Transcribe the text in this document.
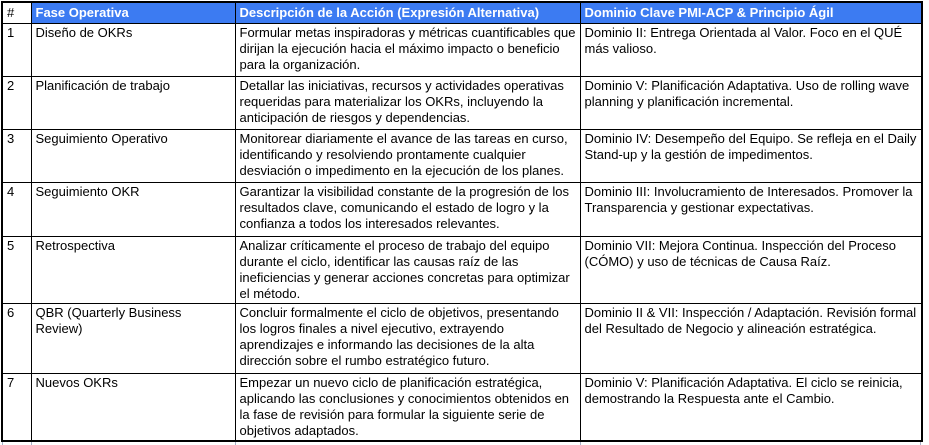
#	Fase Operativa	Descripción de la Acción (Expresión Alternativa)	Dominio Clave PMI-ACP & Principio Ágil
1	Diseño de OKRs	Formular metas inspiradoras y métricas cuantificables que dirijan la ejecución hacia el máximo impacto o beneficio para la organización.	Dominio II: Entrega Orientada al Valor. Foco en el QUÉ más valioso.
2	Planificación de trabajo	Detallar las iniciativas, recursos y actividades operativas requeridas para materializar los OKRs, incluyendo la anticipación de riesgos y dependencias.	Dominio V: Planificación Adaptativa. Uso de rolling wave planning y planificación incremental.
3	Seguimiento Operativo	Monitorear diariamente el avance de las tareas en curso, identificando y resolviendo prontamente cualquier desviación o impedimento en la ejecución de los planes.	Dominio IV: Desempeño del Equipo. Se refleja en el Daily Stand-up y la gestión de impedimentos.
4	Seguimiento OKR	Garantizar la visibilidad constante de la progresión de los resultados clave, comunicando el estado de logro y la confianza a todos los interesados relevantes.	Dominio III: Involucramiento de Interesados. Promover la Transparencia y gestionar expectativas.
5	Retrospectiva	Analizar críticamente el proceso de trabajo del equipo durante el ciclo, identificar las causas raíz de las ineficiencias y generar acciones concretas para optimizar el método.	Dominio VII: Mejora Continua. Inspección del Proceso (CÓMO) y uso de técnicas de Causa Raíz.
6	QBR (Quarterly Business Review)	Concluir formalmente el ciclo de objetivos, presentando los logros finales a nivel ejecutivo, extrayendo aprendizajes e informando las decisiones de la alta dirección sobre el rumbo estratégico futuro.	Dominio II & VII: Inspección / Adaptación. Revisión formal del Resultado de Negocio y alineación estratégica.
7	Nuevos OKRs	Empezar un nuevo ciclo de planificación estratégica, aplicando las conclusiones y conocimientos obtenidos en la fase de revisión para formular la siguiente serie de objetivos adaptados.	Dominio V: Planificación Adaptativa. El ciclo se reinicia, demostrando la Respuesta ante el Cambio.
